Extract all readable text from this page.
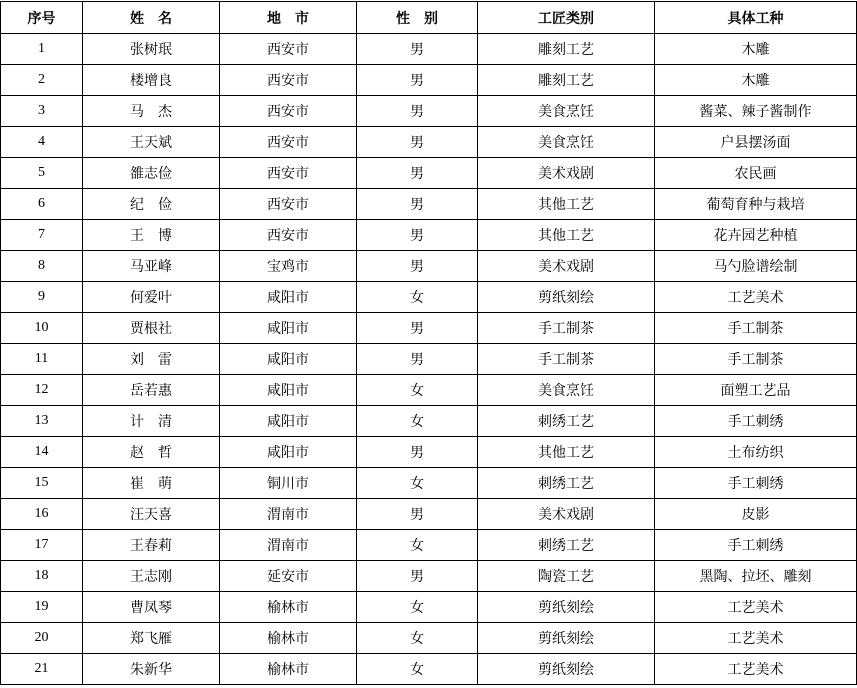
序号	姓　名	地　市	性　别	工匠类别	具体工种
1	张树珉	西安市	男	雕刻工艺	木雕
2	楼增良	西安市	男	雕刻工艺	木雕
3	马　杰	西安市	男	美食烹饪	酱菜、辣子酱制作
4	王天斌	西安市	男	美食烹饪	户县摆汤面
5	雒志俭	西安市	男	美术戏剧	农民画
6	纪　俭	西安市	男	其他工艺	葡萄育种与栽培
7	王　博	西安市	男	其他工艺	花卉园艺种植
8	马亚峰	宝鸡市	男	美术戏剧	马勺脸谱绘制
9	何爱叶	咸阳市	女	剪纸刻绘	工艺美术
10	贾根社	咸阳市	男	手工制茶	手工制茶
11	刘　雷	咸阳市	男	手工制茶	手工制茶
12	岳若惠	咸阳市	女	美食烹饪	面塑工艺品
13	计　清	咸阳市	女	刺绣工艺	手工刺绣
14	赵　哲	咸阳市	男	其他工艺	土布纺织
15	崔　萌	铜川市	女	刺绣工艺	手工刺绣
16	汪天喜	渭南市	男	美术戏剧	皮影
17	王春莉	渭南市	女	刺绣工艺	手工刺绣
18	王志刚	延安市	男	陶瓷工艺	黑陶、拉坯、雕刻
19	曹凤琴	榆林市	女	剪纸刻绘	工艺美术
20	郑飞雁	榆林市	女	剪纸刻绘	工艺美术
21	朱新华	榆林市	女	剪纸刻绘	工艺美术
